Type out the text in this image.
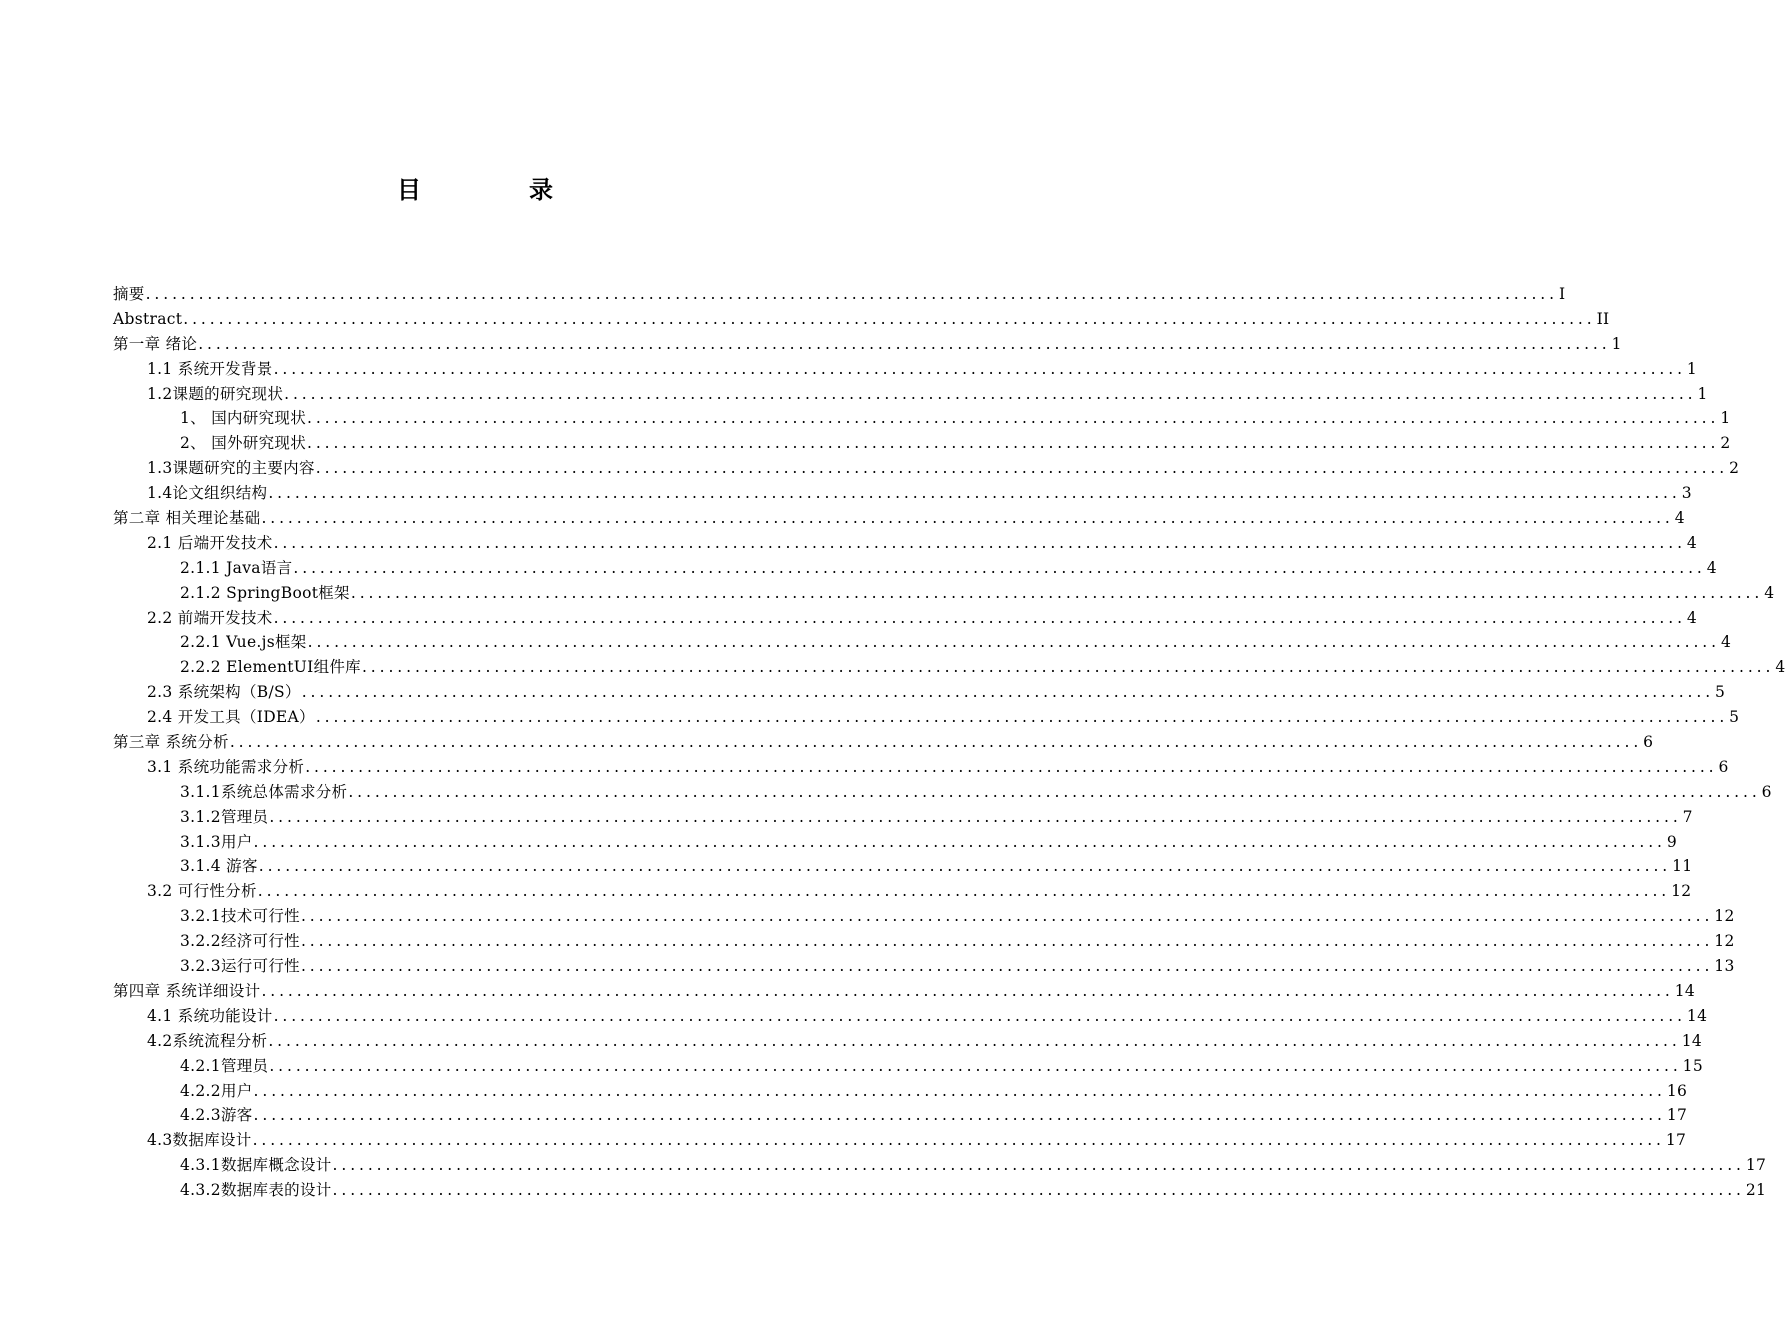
目　录
摘要 ................................................................................................................................................................ I
Abstract ................................................................................................................................................................ II
第一章 绪论 ................................................................................................................................................................ 1
1.1 系统开发背景 ................................................................................................................................................................ 1
1.2课题的研究现状 ................................................................................................................................................................ 1
1、 国内研究现状 ................................................................................................................................................................ 1
2、 国外研究现状 ................................................................................................................................................................ 2
1.3课题研究的主要内容 ................................................................................................................................................................ 2
1.4论文组织结构 ................................................................................................................................................................ 3
第二章 相关理论基础 ................................................................................................................................................................ 4
2.1 后端开发技术 ................................................................................................................................................................ 4
2.1.1 Java语言 ................................................................................................................................................................ 4
2.1.2 SpringBoot框架 ................................................................................................................................................................ 4
2.2 前端开发技术 ................................................................................................................................................................ 4
2.2.1 Vue.js框架 ................................................................................................................................................................ 4
2.2.2 ElementUI组件库 ................................................................................................................................................................ 4
2.3 系统架构（B/S） ................................................................................................................................................................ 5
2.4 开发工具（IDEA） ................................................................................................................................................................ 5
第三章 系统分析 ................................................................................................................................................................ 6
3.1 系统功能需求分析 ................................................................................................................................................................ 6
3.1.1系统总体需求分析 ................................................................................................................................................................ 6
3.1.2管理员 ................................................................................................................................................................ 7
3.1.3用户 ................................................................................................................................................................ 9
3.1.4 游客 ................................................................................................................................................................ 11
3.2 可行性分析 ................................................................................................................................................................ 12
3.2.1技术可行性 ................................................................................................................................................................ 12
3.2.2经济可行性 ................................................................................................................................................................ 12
3.2.3运行可行性 ................................................................................................................................................................ 13
第四章 系统详细设计 ................................................................................................................................................................ 14
4.1 系统功能设计 ................................................................................................................................................................ 14
4.2系统流程分析 ................................................................................................................................................................ 14
4.2.1管理员 ................................................................................................................................................................ 15
4.2.2用户 ................................................................................................................................................................ 16
4.2.3游客 ................................................................................................................................................................ 17
4.3数据库设计 ................................................................................................................................................................ 17
4.3.1数据库概念设计 ................................................................................................................................................................ 17
4.3.2数据库表的设计 ................................................................................................................................................................ 21
